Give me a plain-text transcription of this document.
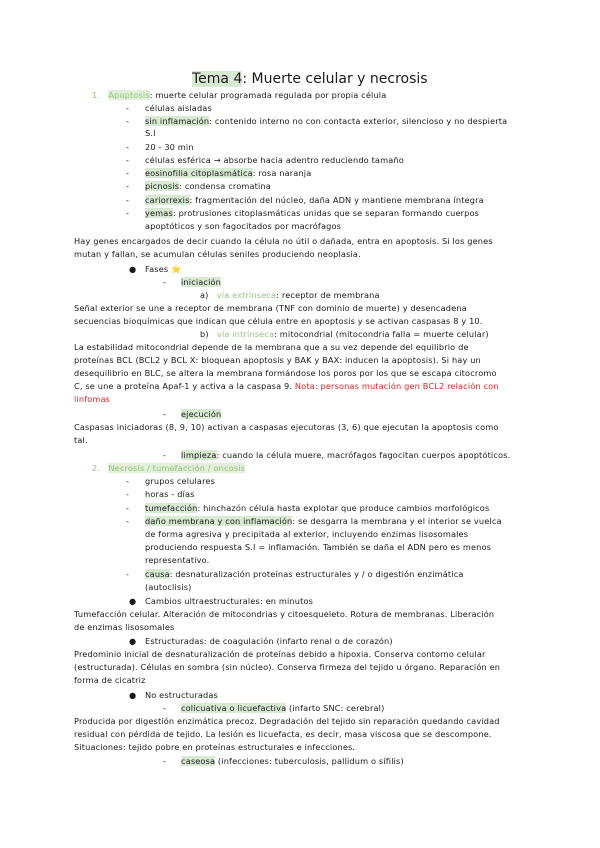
Tema 4: Muerte celular y necrosis
1. Apoptosis: muerte celular programada regulada por propia célula
- células aisladas
- sin inflamación: contenido interno no con contacta exterior, silencioso y no despierta
S.I
- 20 - 30 min
- células esférica → absorbe hacia adentro reduciendo tamaño
- eosinofilia citoplasmática: rosa naranja
- picnosis: condensa cromatina
- cariorrexis: fragmentación del núcleo, daña ADN y mantiene membrana íntegra
- yemas: protrusiones citoplasmáticas unidas que se separan formando cuerpos
apoptóticos y son fagocitados por macrófagos
Hay genes encargados de decir cuando la célula no útil o dañada, entra en apoptosis. Si los genes
mutan y fallan, se acumulan células seniles produciendo neoplasia.
● Fases ⭐
- iniciación
a) vía extrínseca: receptor de membrana
Señal exterior se une a receptor de membrana (TNF con dominio de muerte) y desencadena
secuencias bioquímicas que indican que célula entre en apoptosis y se activan caspasas 8 y 10.
b) vía intrínseca: mitocondrial (mitocondria falla = muerte celular)
La estabilidad mitocondrial depende de la membrana que a su vez depende del equilibrio de
proteínas BCL (BCL2 y BCL X: bloquean apoptosis y BAK y BAX: inducen la apoptosis). Si hay un
desequilibrio en BLC, se altera la membrana formándose los poros por los que se escapa citocromo
C, se une a proteína Apaf-1 y activa a la caspasa 9. Nota: personas mutación gen BCL2 relación con
linfomas
- ejecución
Caspasas iniciadoras (8, 9, 10) activan a caspasas ejecutoras (3, 6) que ejecutan la apoptosis como
tal.
- limpieza: cuando la célula muere, macrófagos fagocitan cuerpos apoptóticos.
2. Necrosis / tumefacción / oncosis
- grupos celulares
- horas - días
- tumefacción: hinchazón célula hasta explotar que produce cambios morfológicos
- daño membrana y con inflamación: se desgarra la membrana y el interior se vuelca
de forma agresiva y precipitada al exterior, incluyendo enzimas lisosomales
produciendo respuesta S.I = inflamación. También se daña el ADN pero es menos
representativo.
- causa: desnaturalización proteínas estructurales y / o digestión enzimática
(autoclisis)
● Cambios ultraestructurales: en minutos
Tumefacción celular. Alteración de mitocondrias y citoesqueleto. Rotura de membranas. Liberación
de enzimas lisosomales
● Estructuradas: de coagulación (infarto renal o de corazón)
Predominio inicial de desnaturalización de proteínas debido a hipoxia. Conserva contorno celular
(estructurada). Células en sombra (sin núcleo). Conserva firmeza del tejido u órgano. Reparación en
forma de cicatriz
● No estructuradas
- colicuativa o licuefactiva (infarto SNC: cerebral)
Producida por digestión enzimática precoz. Degradación del tejido sin reparación quedando cavidad
residual con pérdida de tejido. La lesión es licuefacta, es decir, masa viscosa que se descompone.
Situaciones: tejido pobre en proteínas estructurales e infecciones.
- caseosa (infecciones: tuberculosis, pallidum o sífilis)
